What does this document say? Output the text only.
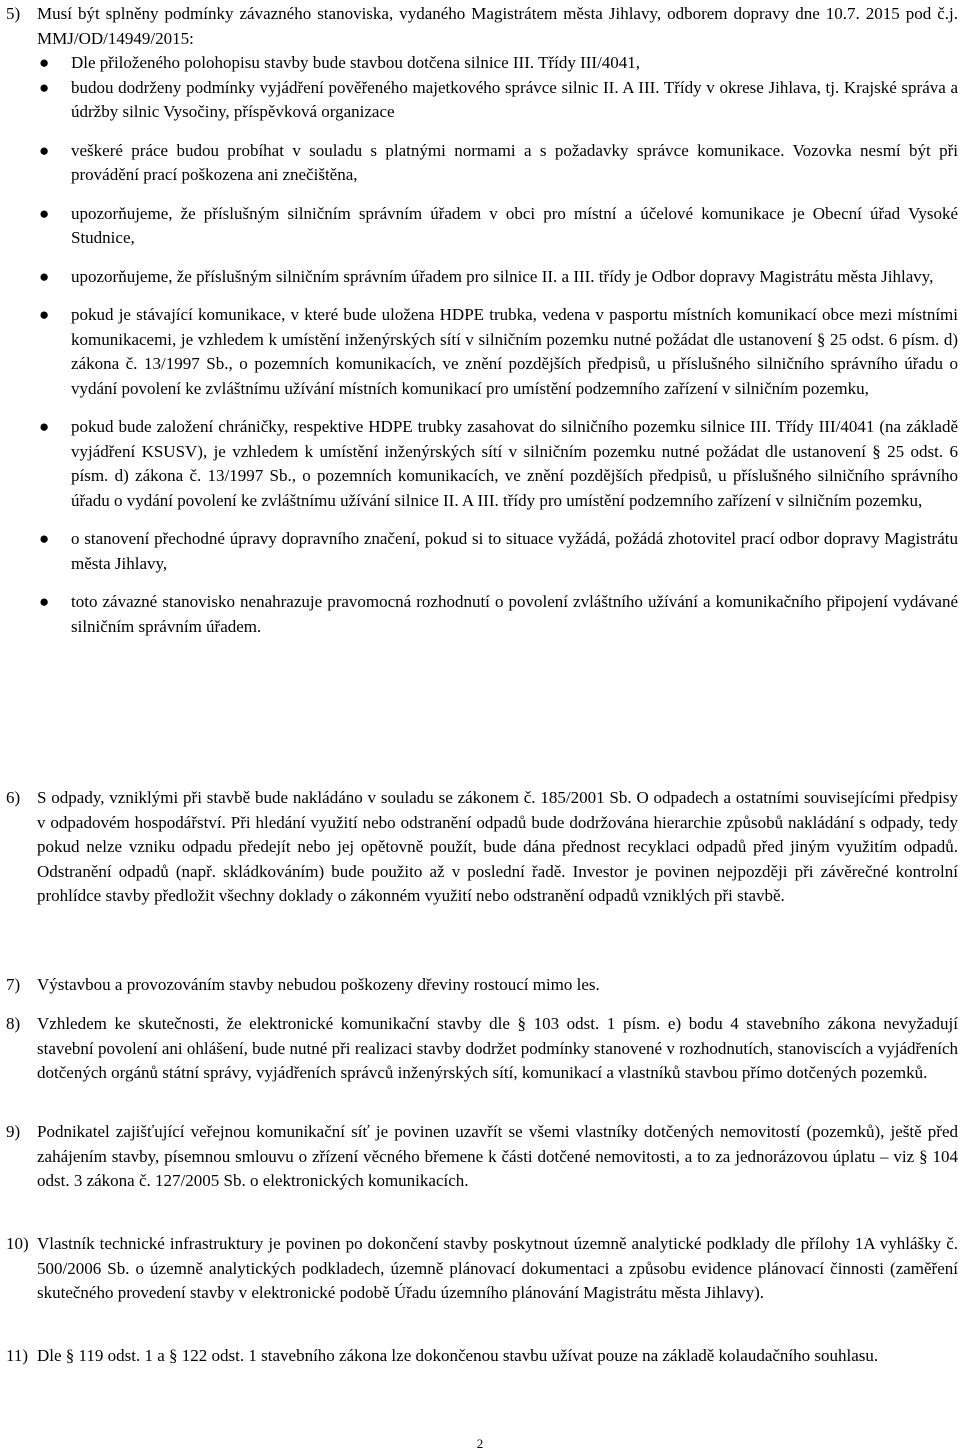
5) Musí být splněny podmínky závazného stanoviska, vydaného Magistrátem města Jihlavy, odborem dopravy dne 10.7. 2015 pod č.j. MMJ/OD/14949/2015:
● Dle přiloženého polohopisu stavby bude stavbou dotčena silnice III. Třídy III/4041,
● budou dodrženy podmínky vyjádření pověřeného majetkového správce silnic II. A III. Třídy v okrese Jihlava, tj. Krajské správa a údržby silnic Vysočiny, příspěvková organizace
● veškeré práce budou probíhat v souladu s platnými normami a s požadavky správce komunikace. Vozovka nesmí být při provádění prací poškozena ani znečištěna,
● upozorňujeme, že příslušným silničním správním úřadem v obci pro místní a účelové komunikace je Obecní úřad Vysoké Studnice,
● upozorňujeme, že příslušným silničním správním úřadem pro silnice II. a III. třídy je Odbor dopravy Magistrátu města Jihlavy,
● pokud je stávající komunikace, v které bude uložena HDPE trubka, vedena v pasportu místních komunikací obce mezi místními komunikacemi, je vzhledem k umístění inženýrských sítí v silničním pozemku nutné požádat dle ustanovení § 25 odst. 6 písm. d) zákona č. 13/1997 Sb., o pozemních komunikacích, ve znění pozdějších předpisů, u příslušného silničního správního úřadu o vydání povolení ke zvláštnímu užívání místních komunikací pro umístění podzemního zařízení v silničním pozemku,
● pokud bude založení chráničky, respektive HDPE trubky zasahovat do silničního pozemku silnice III. Třídy III/4041 (na základě vyjádření KSUSV), je vzhledem k umístění inženýrských sítí v silničním pozemku nutné požádat dle ustanovení § 25 odst. 6 písm. d) zákona č. 13/1997 Sb., o pozemních komunikacích, ve znění pozdějších předpisů, u příslušného silničního správního úřadu o vydání povolení ke zvláštnímu užívání silnice II. A III. třídy pro umístění podzemního zařízení v silničním pozemku,
● o stanovení přechodné úpravy dopravního značení, pokud si to situace vyžádá, požádá zhotovitel prací odbor dopravy Magistrátu města Jihlavy,
● toto závazné stanovisko nenahrazuje pravomocná rozhodnutí o povolení zvláštního užívání a komunikačního připojení vydávané silničním správním úřadem.
6) S odpady, vzniklými při stavbě bude nakládáno v souladu se zákonem č. 185/2001 Sb. O odpadech a ostatními souvisejícími předpisy v odpadovém hospodářství. Při hledání využití nebo odstranění odpadů bude dodržována hierarchie způsobů nakládání s odpady, tedy pokud nelze vzniku odpadu předejít nebo jej opětovně použít, bude dána přednost recyklaci odpadů před jiným využitím odpadů. Odstranění odpadů (např. skládkováním) bude použito až v poslední řadě. Investor je povinen nejpozději při závěrečné kontrolní prohlídce stavby předložit všechny doklady o zákonném využití nebo odstranění odpadů vzniklých při stavbě.
7) Výstavbou a provozováním stavby nebudou poškozeny dřeviny rostoucí mimo les.
8) Vzhledem ke skutečnosti, že elektronické komunikační stavby dle § 103 odst. 1 písm. e) bodu 4 stavebního zákona nevyžadují stavební povolení ani ohlášení, bude nutné při realizaci stavby dodržet podmínky stanovené v rozhodnutích, stanoviscích a vyjádřeních dotčených orgánů státní správy, vyjádřeních správců inženýrských sítí, komunikací a vlastníků stavbou přímo dotčených pozemků.
9) Podnikatel zajišťující veřejnou komunikační síť je povinen uzavřít se všemi vlastníky dotčených nemovitostí (pozemků), ještě před zahájením stavby, písemnou smlouvu o zřízení věcného břemene k části dotčené nemovitosti, a to za jednorázovou úplatu – viz § 104 odst. 3 zákona č. 127/2005 Sb. o elektronických komunikacích.
10) Vlastník technické infrastruktury je povinen po dokončení stavby poskytnout územně analytické podklady dle přílohy 1A vyhlášky č. 500/2006 Sb. o územně analytických podkladech, územně plánovací dokumentaci a způsobu evidence plánovací činnosti (zaměření skutečného provedení stavby v elektronické podobě Úřadu územního plánování Magistrátu města Jihlavy).
11) Dle § 119 odst. 1 a § 122 odst. 1 stavebního zákona lze dokončenou stavbu užívat pouze na základě kolaudačního souhlasu.
2
